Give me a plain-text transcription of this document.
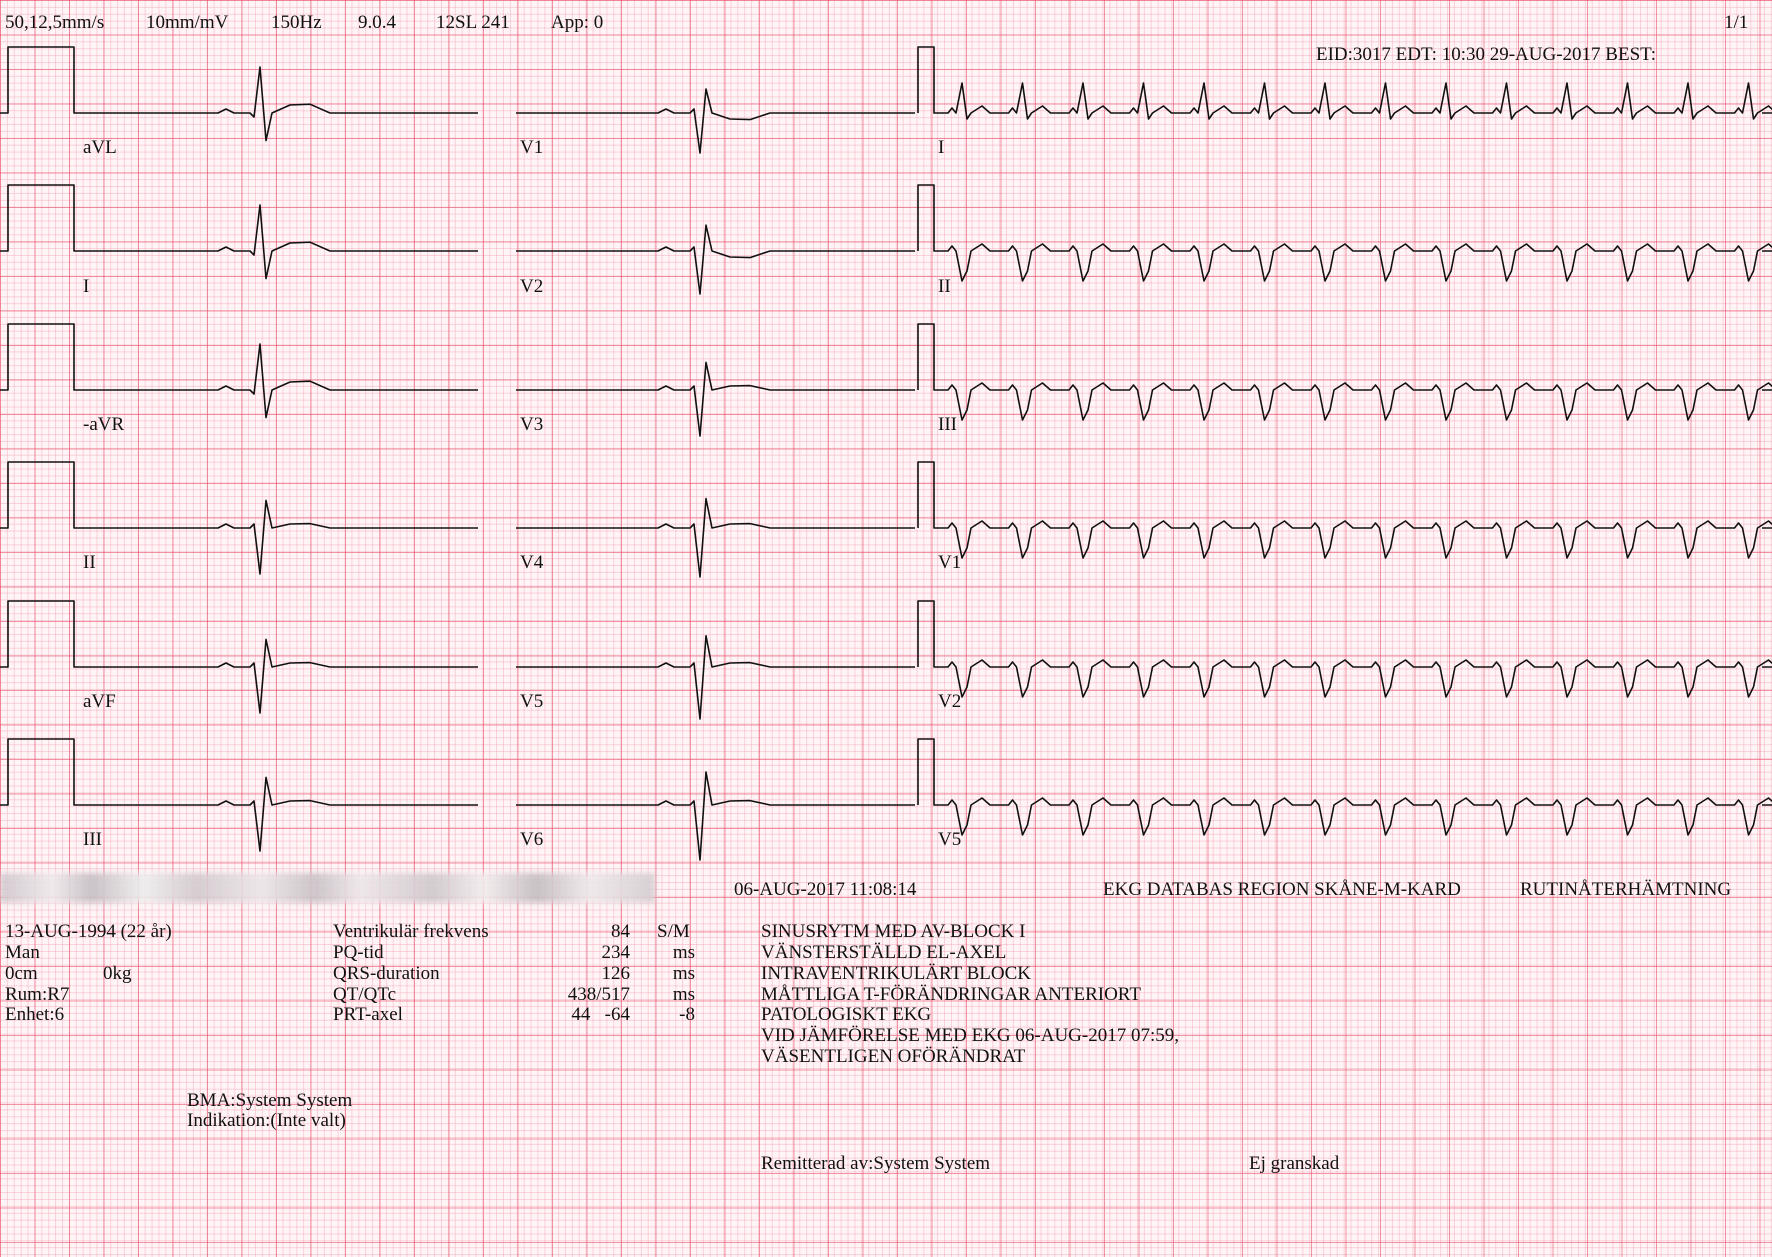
50,12,5mm/s 10mm/mV 150Hz 9.0.4 12SL 241 App: 0	1/1
EID:3017 EDT: 10:30 29-AUG-2017 BEST:
aVL
I
-aVR
II
aVF
III
V1
V2
V3
V4
V5
V6
I
II
III
V1
V2
V5
06-AUG-2017 11:08:14	EKG DATABAS REGION SKÅNE-M-KARD	RUTINÅTERHÄMTNING
13-AUG-1994 (22 år)
Man
0cm	0kg
Rum:R7
Enhet:6
Ventrikulär frekvens	84 S/M
PQ-tid	234	ms
QRS-duration	126	ms
QT/QTc	438/517	ms
PRT-axel	44   -64	-8
SINUSRYTM MED AV-BLOCK I
VÄNSTERSTÄLLD EL-AXEL
INTRAVENTRIKULÄRT BLOCK
MÅTTLIGA T-FÖRÄNDRINGAR ANTERIORT
PATOLOGISKT EKG
VID JÄMFÖRELSE MED EKG 06-AUG-2017 07:59,
VÄSENTLIGEN OFÖRÄNDRAT
BMA:System System
Indikation:(Inte valt)
Remitterad av:System System	Ej granskad
